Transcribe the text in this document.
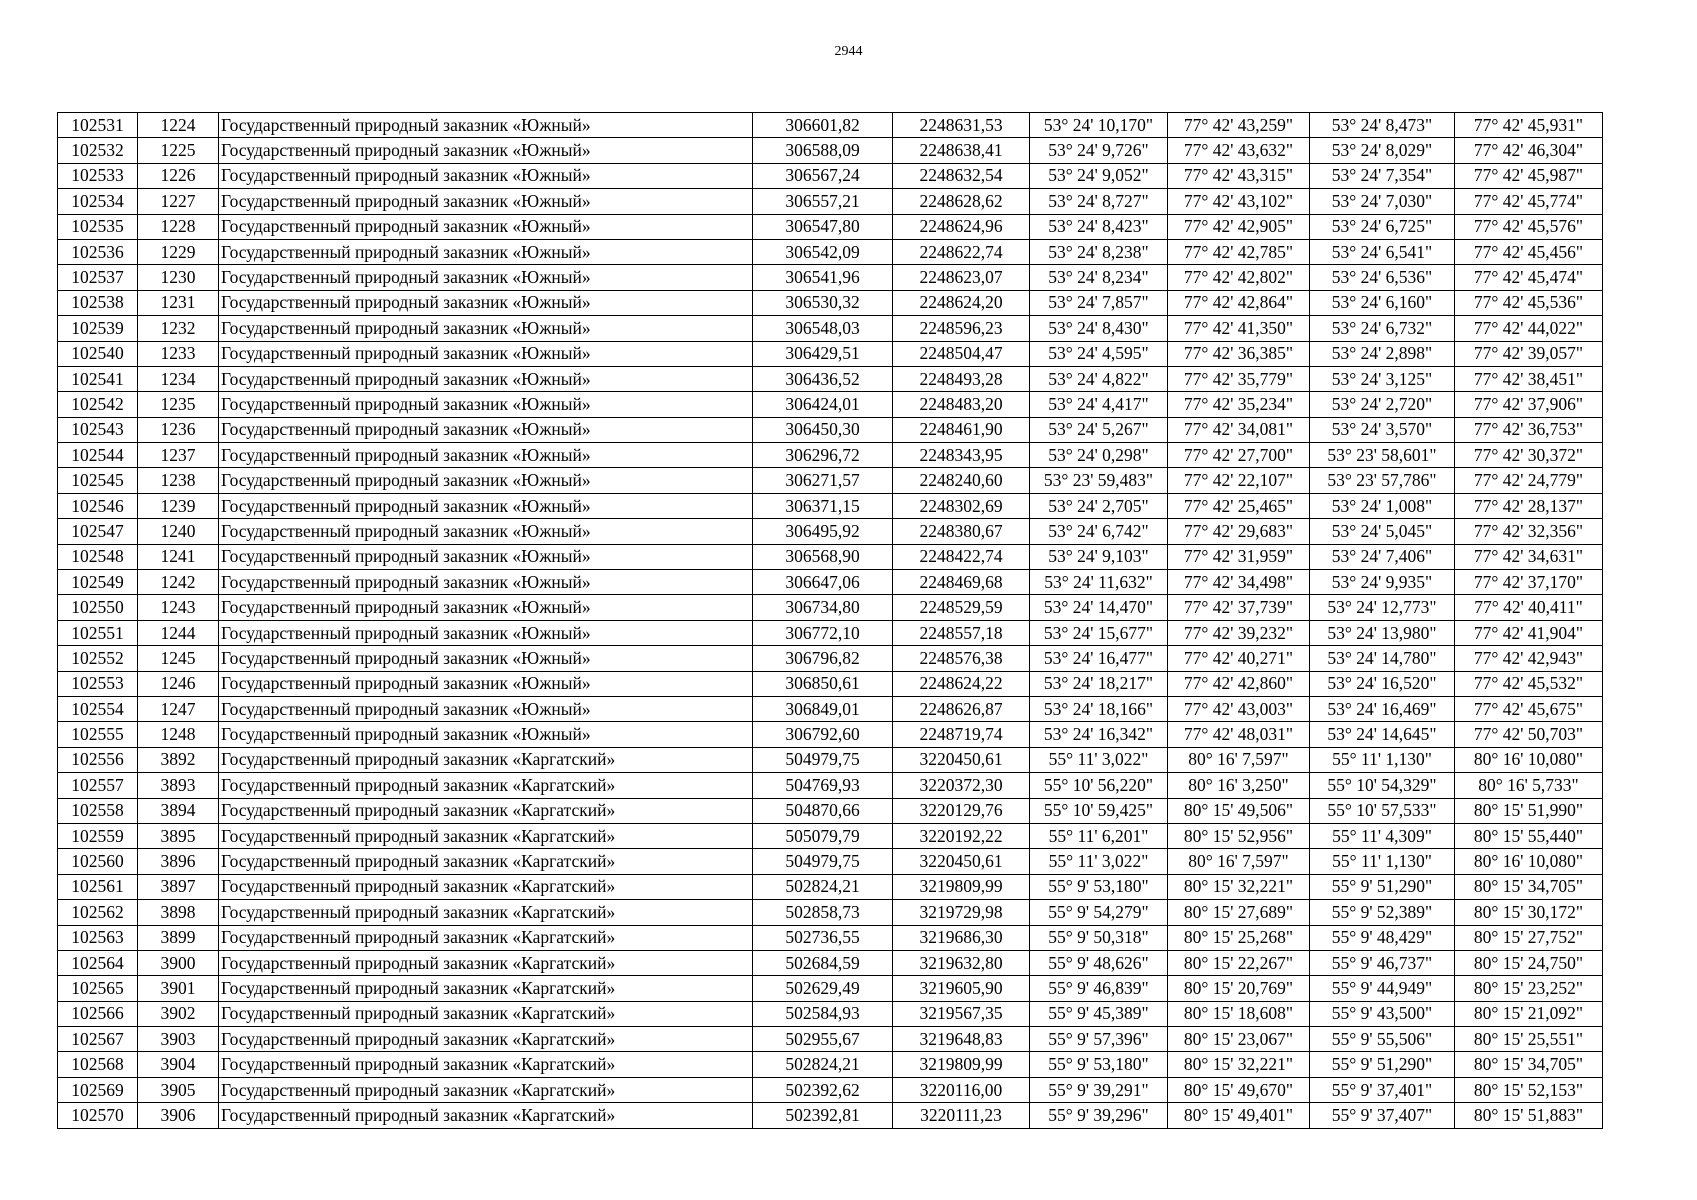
2944
102531	1224	Государственный природный заказник «Южный»	306601,82	2248631,53	53° 24' 10,170"	77° 42' 43,259"	53° 24' 8,473"	77° 42' 45,931"
102532	1225	Государственный природный заказник «Южный»	306588,09	2248638,41	53° 24' 9,726"	77° 42' 43,632"	53° 24' 8,029"	77° 42' 46,304"
102533	1226	Государственный природный заказник «Южный»	306567,24	2248632,54	53° 24' 9,052"	77° 42' 43,315"	53° 24' 7,354"	77° 42' 45,987"
102534	1227	Государственный природный заказник «Южный»	306557,21	2248628,62	53° 24' 8,727"	77° 42' 43,102"	53° 24' 7,030"	77° 42' 45,774"
102535	1228	Государственный природный заказник «Южный»	306547,80	2248624,96	53° 24' 8,423"	77° 42' 42,905"	53° 24' 6,725"	77° 42' 45,576"
102536	1229	Государственный природный заказник «Южный»	306542,09	2248622,74	53° 24' 8,238"	77° 42' 42,785"	53° 24' 6,541"	77° 42' 45,456"
102537	1230	Государственный природный заказник «Южный»	306541,96	2248623,07	53° 24' 8,234"	77° 42' 42,802"	53° 24' 6,536"	77° 42' 45,474"
102538	1231	Государственный природный заказник «Южный»	306530,32	2248624,20	53° 24' 7,857"	77° 42' 42,864"	53° 24' 6,160"	77° 42' 45,536"
102539	1232	Государственный природный заказник «Южный»	306548,03	2248596,23	53° 24' 8,430"	77° 42' 41,350"	53° 24' 6,732"	77° 42' 44,022"
102540	1233	Государственный природный заказник «Южный»	306429,51	2248504,47	53° 24' 4,595"	77° 42' 36,385"	53° 24' 2,898"	77° 42' 39,057"
102541	1234	Государственный природный заказник «Южный»	306436,52	2248493,28	53° 24' 4,822"	77° 42' 35,779"	53° 24' 3,125"	77° 42' 38,451"
102542	1235	Государственный природный заказник «Южный»	306424,01	2248483,20	53° 24' 4,417"	77° 42' 35,234"	53° 24' 2,720"	77° 42' 37,906"
102543	1236	Государственный природный заказник «Южный»	306450,30	2248461,90	53° 24' 5,267"	77° 42' 34,081"	53° 24' 3,570"	77° 42' 36,753"
102544	1237	Государственный природный заказник «Южный»	306296,72	2248343,95	53° 24' 0,298"	77° 42' 27,700"	53° 23' 58,601"	77° 42' 30,372"
102545	1238	Государственный природный заказник «Южный»	306271,57	2248240,60	53° 23' 59,483"	77° 42' 22,107"	53° 23' 57,786"	77° 42' 24,779"
102546	1239	Государственный природный заказник «Южный»	306371,15	2248302,69	53° 24' 2,705"	77° 42' 25,465"	53° 24' 1,008"	77° 42' 28,137"
102547	1240	Государственный природный заказник «Южный»	306495,92	2248380,67	53° 24' 6,742"	77° 42' 29,683"	53° 24' 5,045"	77° 42' 32,356"
102548	1241	Государственный природный заказник «Южный»	306568,90	2248422,74	53° 24' 9,103"	77° 42' 31,959"	53° 24' 7,406"	77° 42' 34,631"
102549	1242	Государственный природный заказник «Южный»	306647,06	2248469,68	53° 24' 11,632"	77° 42' 34,498"	53° 24' 9,935"	77° 42' 37,170"
102550	1243	Государственный природный заказник «Южный»	306734,80	2248529,59	53° 24' 14,470"	77° 42' 37,739"	53° 24' 12,773"	77° 42' 40,411"
102551	1244	Государственный природный заказник «Южный»	306772,10	2248557,18	53° 24' 15,677"	77° 42' 39,232"	53° 24' 13,980"	77° 42' 41,904"
102552	1245	Государственный природный заказник «Южный»	306796,82	2248576,38	53° 24' 16,477"	77° 42' 40,271"	53° 24' 14,780"	77° 42' 42,943"
102553	1246	Государственный природный заказник «Южный»	306850,61	2248624,22	53° 24' 18,217"	77° 42' 42,860"	53° 24' 16,520"	77° 42' 45,532"
102554	1247	Государственный природный заказник «Южный»	306849,01	2248626,87	53° 24' 18,166"	77° 42' 43,003"	53° 24' 16,469"	77° 42' 45,675"
102555	1248	Государственный природный заказник «Южный»	306792,60	2248719,74	53° 24' 16,342"	77° 42' 48,031"	53° 24' 14,645"	77° 42' 50,703"
102556	3892	Государственный природный заказник «Каргатский»	504979,75	3220450,61	55° 11' 3,022"	80° 16' 7,597"	55° 11' 1,130"	80° 16' 10,080"
102557	3893	Государственный природный заказник «Каргатский»	504769,93	3220372,30	55° 10' 56,220"	80° 16' 3,250"	55° 10' 54,329"	80° 16' 5,733"
102558	3894	Государственный природный заказник «Каргатский»	504870,66	3220129,76	55° 10' 59,425"	80° 15' 49,506"	55° 10' 57,533"	80° 15' 51,990"
102559	3895	Государственный природный заказник «Каргатский»	505079,79	3220192,22	55° 11' 6,201"	80° 15' 52,956"	55° 11' 4,309"	80° 15' 55,440"
102560	3896	Государственный природный заказник «Каргатский»	504979,75	3220450,61	55° 11' 3,022"	80° 16' 7,597"	55° 11' 1,130"	80° 16' 10,080"
102561	3897	Государственный природный заказник «Каргатский»	502824,21	3219809,99	55° 9' 53,180"	80° 15' 32,221"	55° 9' 51,290"	80° 15' 34,705"
102562	3898	Государственный природный заказник «Каргатский»	502858,73	3219729,98	55° 9' 54,279"	80° 15' 27,689"	55° 9' 52,389"	80° 15' 30,172"
102563	3899	Государственный природный заказник «Каргатский»	502736,55	3219686,30	55° 9' 50,318"	80° 15' 25,268"	55° 9' 48,429"	80° 15' 27,752"
102564	3900	Государственный природный заказник «Каргатский»	502684,59	3219632,80	55° 9' 48,626"	80° 15' 22,267"	55° 9' 46,737"	80° 15' 24,750"
102565	3901	Государственный природный заказник «Каргатский»	502629,49	3219605,90	55° 9' 46,839"	80° 15' 20,769"	55° 9' 44,949"	80° 15' 23,252"
102566	3902	Государственный природный заказник «Каргатский»	502584,93	3219567,35	55° 9' 45,389"	80° 15' 18,608"	55° 9' 43,500"	80° 15' 21,092"
102567	3903	Государственный природный заказник «Каргатский»	502955,67	3219648,83	55° 9' 57,396"	80° 15' 23,067"	55° 9' 55,506"	80° 15' 25,551"
102568	3904	Государственный природный заказник «Каргатский»	502824,21	3219809,99	55° 9' 53,180"	80° 15' 32,221"	55° 9' 51,290"	80° 15' 34,705"
102569	3905	Государственный природный заказник «Каргатский»	502392,62	3220116,00	55° 9' 39,291"	80° 15' 49,670"	55° 9' 37,401"	80° 15' 52,153"
102570	3906	Государственный природный заказник «Каргатский»	502392,81	3220111,23	55° 9' 39,296"	80° 15' 49,401"	55° 9' 37,407"	80° 15' 51,883"
